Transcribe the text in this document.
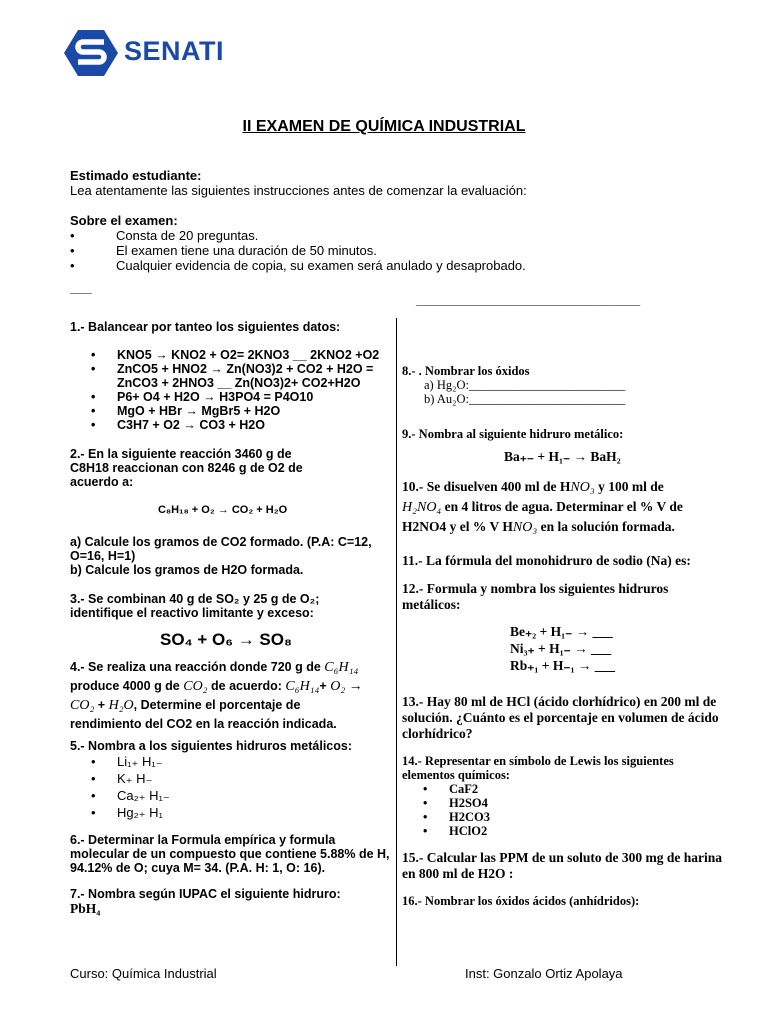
SENATI
II EXAMEN DE QUÍMICA INDUSTRIAL
Estimado estudiante:
Lea atentamente las siguientes instrucciones antes de comenzar la evaluación:
Sobre el examen:
• Consta de 20 preguntas.
• El examen tiene una duración de 50 minutos.
• Cualquier evidencia de copia, su examen será anulado y desaprobado.
___
_______________________________
1.- Balancear por tanteo los siguientes datos:
• KNO5 → KNO2 + O2= 2KNO3 __ 2KNO2 +O2
• ZnCO5 + HNO2 → Zn(NO3)2 + CO2 + H2O = ZnCO3 + 2HNO3 __ Zn(NO3)2+ CO2+H2O
• P6+ O4 + H2O → H3PO4 = P4O10
• MgO + HBr → MgBr5 + H2O
• C3H7 + O2 → CO3 + H2O
2.- En la siguiente reacción 3460 g de C8H18 reaccionan con 8246 g de O2 de acuerdo a:
C₈H₁₈ + O₂ → CO₂ + H₂O
a) Calcule los gramos de CO2 formado. (P.A: C=12, O=16, H=1)
b) Calcule los gramos de H2O formada.
3.- Se combinan 40 g de SO₂ y 25 g de O₂;
identifique el reactivo limitante y exceso:
SO₄ + O₆ → SO₈
4.- Se realiza una reacción donde 720 g de C₆H₁₄
produce 4000 g de CO₂ de acuerdo: C₆H₁₄+ O₂ →
CO₂ + H₂O, Determine el porcentaje de
rendimiento del CO2 en la reacción indicada.
5.- Nombra a los siguientes hidruros metálicos:
• Li₁₊ H₁₋
• K₊ H₋
• Ca₂₊ H₁₋
• Hg₂₊ H₁
6.- Determinar la Formula empírica y formula molecular de un compuesto que contiene 5.88% de H, 94.12% de O; cuya M= 34. (P.A. H: 1, O: 16).
7.- Nombra según IUPAC el siguiente hidruro:
PbH₄
8.- . Nombrar los óxidos
a) Hg₂O:_________________________
b) Au₂O:_________________________
9.- Nombra al siguiente hidruro metálico:
Ba₊₋ + H₁₋ → BaH₂
10.- Se disuelven 400 ml de HNO₃ y 100 ml de
H₂NO₄ en 4 litros de agua. Determinar el % V de
H2NO4 y el % V HNO₃ en la solución formada.
11.- La fórmula del monohidruro de sodio (Na) es:
12.- Formula y nombra los siguientes hidruros metálicos:
Be₊₂ + H₁₋ → ___
Ni₃₊ + H₁₋ → ___
Rb₊₁ + H₋₁ → ___
13.- Hay 80 ml de HCl (ácido clorhídrico) en 200 ml de solución. ¿Cuánto es el porcentaje en volumen de ácido clorhídrico?
14.- Representar en símbolo de Lewis los siguientes elementos químicos:
• CaF2
• H2SO4
• H2CO3
• HClO2
15.- Calcular las PPM de un soluto de 300 mg de harina en 800 ml de H2O :
16.- Nombrar los óxidos ácidos (anhídridos):
Curso: Química Industrial	Inst: Gonzalo Ortiz Apolaya
